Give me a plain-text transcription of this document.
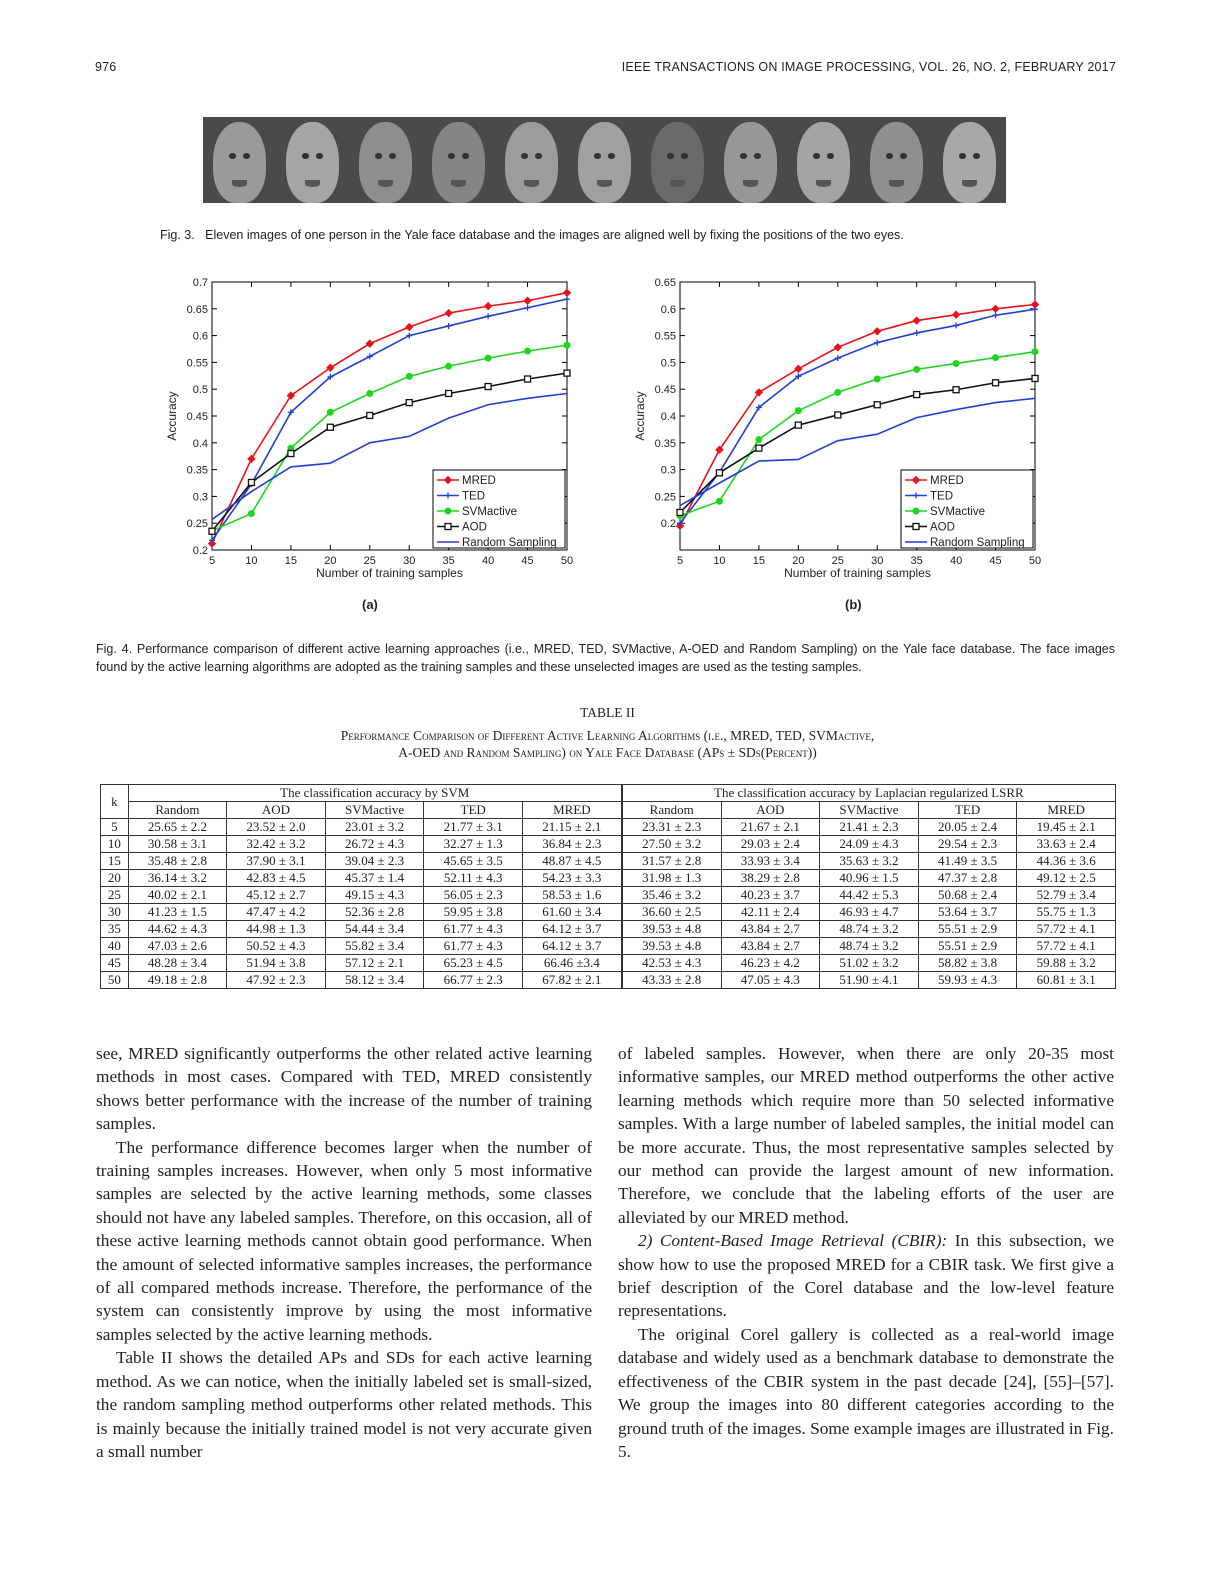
976	IEEE TRANSACTIONS ON IMAGE PROCESSING, VOL. 26, NO. 2, FEBRUARY 2017
Fig. 3.   Eleven images of one person in the Yale face database and the images are aligned well by fixing the positions of the two eyes.
0.2
0.25
0.3
0.35
0.4
0.45
0.5
0.55
0.6
0.65
0.7
5	10 15 20 25 30 35 40 45 50
Number of training samples
Accuracy
MRED
TED
SVMactive
AOD
Random Sampling
0.2
0.25
0.3
0.35
0.4
0.45
0.5
0.55
0.6
0.65
5	10 15 20 25 30 35 40 45 50
Number of training samples
Accuracy
MRED
TED
SVMactive
AOD
Random Sampling
(a)	(b)
Fig. 4. Performance comparison of different active learning approaches (i.e., MRED, TED, SVMactive, A-OED and Random Sampling) on the Yale face database. The face images found by the active learning algorithms are adopted as the training samples and these unselected images are used as the testing samples.
TABLE II
Performance Comparison of Different Active Learning Algorithms (i.e., MRED, TED, SVMactive,
A-OED and Random Sampling) on Yale Face Database (APs ± SDs(Percent))
k	The classification accuracy by SVM					The classification accuracy by Laplacian regularized LSRR				
	Random	AOD	SVMactive	TED	MRED	Random	AOD	SVMactive	TED	MRED
5	25.65 ± 2.2	23.52 ± 2.0	23.01 ± 3.2	21.77 ± 3.1	21.15 ± 2.1	23.31 ± 2.3	21.67 ± 2.1	21.41 ± 2.3	20.05 ± 2.4	19.45 ± 2.1
10	30.58 ± 3.1	32.42 ± 3.2	26.72 ± 4.3	32.27 ± 1.3	36.84 ± 2.3	27.50 ± 3.2	29.03 ± 2.4	24.09 ± 4.3	29.54 ± 2.3	33.63 ± 2.4
15	35.48 ± 2.8	37.90 ± 3.1	39.04 ± 2.3	45.65 ± 3.5	48.87 ± 4.5	31.57 ± 2.8	33.93 ± 3.4	35.63 ± 3.2	41.49 ± 3.5	44.36 ± 3.6
20	36.14 ± 3.2	42.83 ± 4.5	45.37 ± 1.4	52.11 ± 4.3	54.23 ± 3.3	31.98 ± 1.3	38.29 ± 2.8	40.96 ± 1.5	47.37 ± 2.8	49.12 ± 2.5
25	40.02 ± 2.1	45.12 ± 2.7	49.15 ± 4.3	56.05 ± 2.3	58.53 ± 1.6	35.46 ± 3.2	40.23 ± 3.7	44.42 ± 5.3	50.68 ± 2.4	52.79 ± 3.4
30	41.23 ± 1.5	47.47 ± 4.2	52.36 ± 2.8	59.95 ± 3.8	61.60 ± 3.4	36.60 ± 2.5	42.11 ± 2.4	46.93 ± 4.7	53.64 ± 3.7	55.75 ± 1.3
35	44.62 ± 4.3	44.98 ± 1.3	54.44 ± 3.4	61.77 ± 4.3	64.12 ± 3.7	39.53 ± 4.8	43.84 ± 2.7	48.74 ± 3.2	55.51 ± 2.9	57.72 ± 4.1
40	47.03 ± 2.6	50.52 ± 4.3	55.82 ± 3.4	61.77 ± 4.3	64.12 ± 3.7	39.53 ± 4.8	43.84 ± 2.7	48.74 ± 3.2	55.51 ± 2.9	57.72 ± 4.1
45	48.28 ± 3.4	51.94 ± 3.8	57.12 ± 2.1	65.23 ± 4.5	66.46 ±3.4	42.53 ± 4.3	46.23 ± 4.2	51.02 ± 3.2	58.82 ± 3.8	59.88 ± 3.2
50	49.18 ± 2.8	47.92 ± 2.3	58.12 ± 3.4	66.77 ± 2.3	67.82 ± 2.1	43.33 ± 2.8	47.05 ± 4.3	51.90 ± 4.1	59.93 ± 4.3	60.81 ± 3.1

see, MRED significantly outperforms the other related active learning methods in most cases. Compared with TED, MRED consistently shows better performance with the increase of the number of training samples.

The performance difference becomes larger when the number of training samples increases. However, when only 5 most informative samples are selected by the active learning methods, some classes should not have any labeled samples. Therefore, on this occasion, all of these active learning methods cannot obtain good performance. When the amount of selected informative samples increases, the performance of all compared methods increase. Therefore, the performance of the system can consistently improve by using the most informative samples selected by the active learning methods.

Table II shows the detailed APs and SDs for each active learning method. As we can notice, when the initially labeled set is small-sized, the random sampling method outperforms other related methods. This is mainly because the initially trained model is not very accurate given a small number

of labeled samples. However, when there are only 20-35 most informative samples, our MRED method outperforms the other active learning methods which require more than 50 selected informative samples. With a large number of labeled samples, the initial model can be more accurate. Thus, the most representative samples selected by our method can provide the largest amount of new information. Therefore, we conclude that the labeling efforts of the user are alleviated by our MRED method.

2) Content-Based Image Retrieval (CBIR): In this subsection, we show how to use the proposed MRED for a CBIR task. We first give a brief description of the Corel database and the low-level feature representations.

The original Corel gallery is collected as a real-world image database and widely used as a benchmark database to demonstrate the effectiveness of the CBIR system in the past decade [24], [55]–[57]. We group the images into 80 different categories according to the ground truth of the images. Some example images are illustrated in Fig. 5.
